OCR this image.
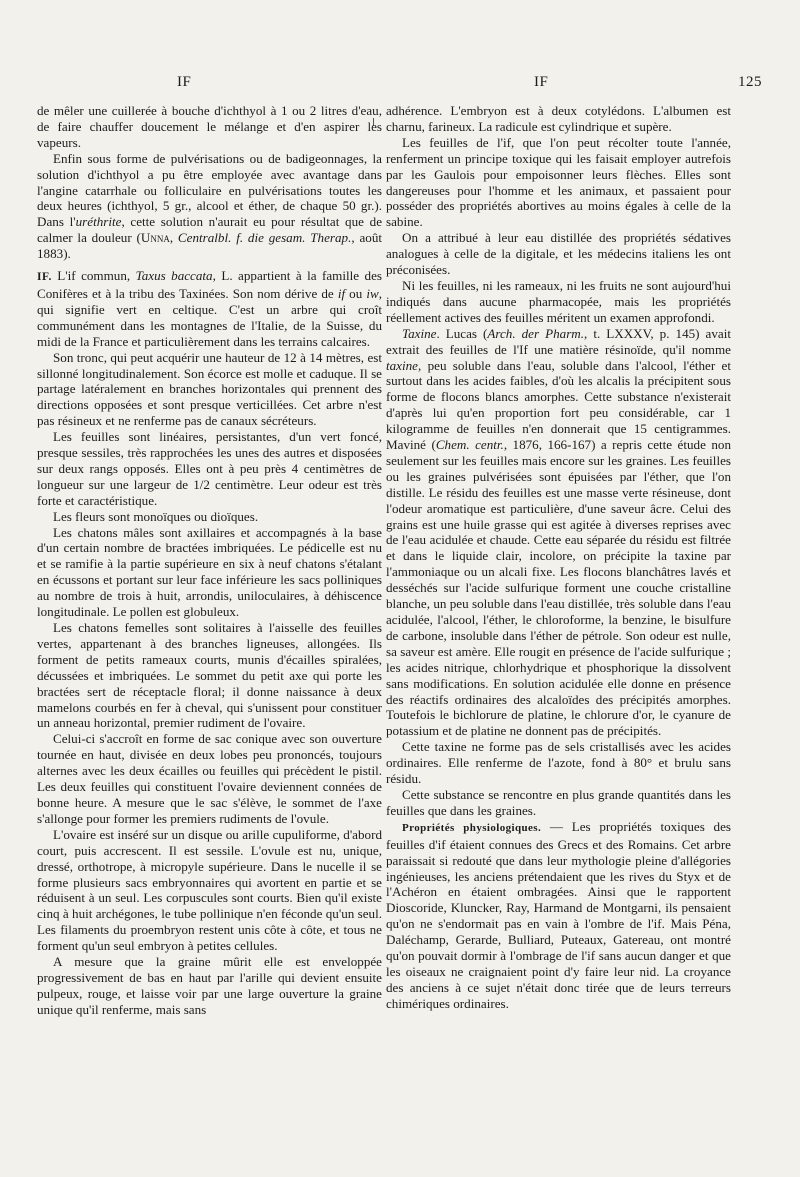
IF	IF	125

de mêler une cuillerée à bouche d'ichthyol à 1 ou 2 litres d'eau, de faire chauffer doucement le mélange et d'en aspirer les vapeurs.

Enfin sous forme de pulvérisations ou de badigeonnages, la solution d'ichthyol a pu être employée avec avantage dans l'angine catarrhale ou folliculaire en pulvérisations toutes les deux heures (ichthyol, 5 gr., alcool et éther, de chaque 50 gr.). Dans l'uréthrite, cette solution n'aurait eu pour résultat que de calmer la douleur (Unna, Centralbl. f. die gesam. Therap., août 1883).

IF. L'if commun, Taxus baccata, L. appartient à la famille des Conifères et à la tribu des Taxinées. Son nom dérive de if ou iw, qui signifie vert en celtique. C'est un arbre qui croît communément dans les montagnes de l'Italie, de la Suisse, du midi de la France et particulièrement dans les terrains calcaires.

Son tronc, qui peut acquérir une hauteur de 12 à 14 mètres, est sillonné longitudinalement. Son écorce est molle et caduque. Il se partage latéralement en branches horizontales qui prennent des directions opposées et sont presque verticillées. Cet arbre n'est pas résineux et ne renferme pas de canaux sécréteurs.

Les feuilles sont linéaires, persistantes, d'un vert foncé, presque sessiles, très rapprochées les unes des autres et disposées sur deux rangs opposés. Elles ont à peu près 4 centimètres de longueur sur une largeur de 1/2 centimètre. Leur odeur est très forte et caractéristique.

Les fleurs sont monoïques ou dioïques.

Les chatons mâles sont axillaires et accompagnés à la base d'un certain nombre de bractées imbriquées. Le pédicelle est nu et se ramifie à la partie supérieure en six à neuf chatons s'étalant en écussons et portant sur leur face inférieure les sacs polliniques au nombre de trois à huit, arrondis, uniloculaires, à déhiscence longitudinale. Le pollen est globuleux.

Les chatons femelles sont solitaires à l'aisselle des feuilles vertes, appartenant à des branches ligneuses, allongées. Ils forment de petits rameaux courts, munis d'écailles spiralées, décussées et imbriquées. Le sommet du petit axe qui porte les bractées sert de réceptacle floral; il donne naissance à deux mamelons courbés en fer à cheval, qui s'unissent pour constituer un anneau horizontal, premier rudiment de l'ovaire.

Celui-ci s'accroît en forme de sac conique avec son ouverture tournée en haut, divisée en deux lobes peu prononcés, toujours alternes avec les deux écailles ou feuilles qui précèdent le pistil. Les deux feuilles qui constituent l'ovaire deviennent connées de bonne heure. A mesure que le sac s'élève, le sommet de l'axe s'allonge pour former les premiers rudiments de l'ovule.

L'ovaire est inséré sur un disque ou arille cupuliforme, d'abord court, puis accrescent. Il est sessile. L'ovule est nu, unique, dressé, orthotrope, à micropyle supérieure. Dans le nucelle il se forme plusieurs sacs embryonnaires qui avortent en partie et se réduisent à un seul. Les corpuscules sont courts. Bien qu'il existe cinq à huit archégones, le tube pollinique n'en féconde qu'un seul. Les filaments du proembryon restent unis côte à côte, et tous ne forment qu'un seul embryon à petites cellules.

A mesure que la graine mûrit elle est enveloppée progressivement de bas en haut par l'arille qui devient ensuite pulpeux, rouge, et laisse voir par une large ouverture la graine unique qu'il renferme, mais sans

adhérence. L'embryon est à deux cotylédons. L'albumen est charnu, farineux. La radicule est cylindrique et supère.

Les feuilles de l'if, que l'on peut récolter toute l'année, renferment un principe toxique qui les faisait employer autrefois par les Gaulois pour empoisonner leurs flèches. Elles sont dangereuses pour l'homme et les animaux, et passaient pour posséder des propriétés abortives au moins égales à celle de la sabine.

On a attribué à leur eau distillée des propriétés sédatives analogues à celle de la digitale, et les médecins italiens les ont préconisées.

Ni les feuilles, ni les rameaux, ni les fruits ne sont aujourd'hui indiqués dans aucune pharmacopée, mais les propriétés réellement actives des feuilles méritent un examen approfondi.

Taxine. Lucas (Arch. der Pharm., t. LXXXV, p. 145) avait extrait des feuilles de l'If une matière résinoïde, qu'il nomme taxine, peu soluble dans l'eau, soluble dans l'alcool, l'éther et surtout dans les acides faibles, d'où les alcalis la précipitent sous forme de flocons blancs amorphes. Cette substance n'existerait d'après lui qu'en proportion fort peu considérable, car 1 kilogramme de feuilles n'en donnerait que 15 centigrammes. Maviné (Chem. centr., 1876, 166-167) a repris cette étude non seulement sur les feuilles mais encore sur les graines. Les feuilles ou les graines pulvérisées sont épuisées par l'éther, que l'on distille. Le résidu des feuilles est une masse verte résineuse, dont l'odeur aromatique est particulière, d'une saveur âcre. Celui des grains est une huile grasse qui est agitée à diverses reprises avec de l'eau acidulée et chaude. Cette eau séparée du résidu est filtrée et dans le liquide clair, incolore, on précipite la taxine par l'ammoniaque ou un alcali fixe. Les flocons blanchâtres lavés et desséchés sur l'acide sulfurique forment une couche cristalline blanche, un peu soluble dans l'eau distillée, très soluble dans l'eau acidulée, l'alcool, l'éther, le chloroforme, la benzine, le bisulfure de carbone, insoluble dans l'éther de pétrole. Son odeur est nulle, sa saveur est amère. Elle rougit en présence de l'acide sulfurique ; les acides nitrique, chlorhydrique et phosphorique la dissolvent sans modifications. En solution acidulée elle donne en présence des réactifs ordinaires des alcaloïdes des précipités amorphes. Toutefois le bichlorure de platine, le chlorure d'or, le cyanure de potassium et de platine ne donnent pas de précipités.

Cette taxine ne forme pas de sels cristallisés avec les acides ordinaires. Elle renferme de l'azote, fond à 80° et brulu sans résidu.

Cette substance se rencontre en plus grande quantités dans les feuilles que dans les graines.

Propriétés physiologiques. — Les propriétés toxiques des feuilles d'if étaient connues des Grecs et des Romains. Cet arbre paraissait si redouté que dans leur mythologie pleine d'allégories ingénieuses, les anciens prétendaient que les rives du Styx et de l'Achéron en étaient ombragées. Ainsi que le rapportent Dioscoride, Kluncker, Ray, Harmand de Montgarni, ils pensaient qu'on ne s'endormait pas en vain à l'ombre de l'if. Mais Péna, Daléchamp, Gerarde, Bulliard, Puteaux, Gatereau, ont montré qu'on pouvait dormir à l'ombrage de l'if sans aucun danger et que les oiseaux ne craignaient point d'y faire leur nid. La croyance des anciens à ce sujet n'était donc tirée que de leurs terreurs chimériques ordinaires.
